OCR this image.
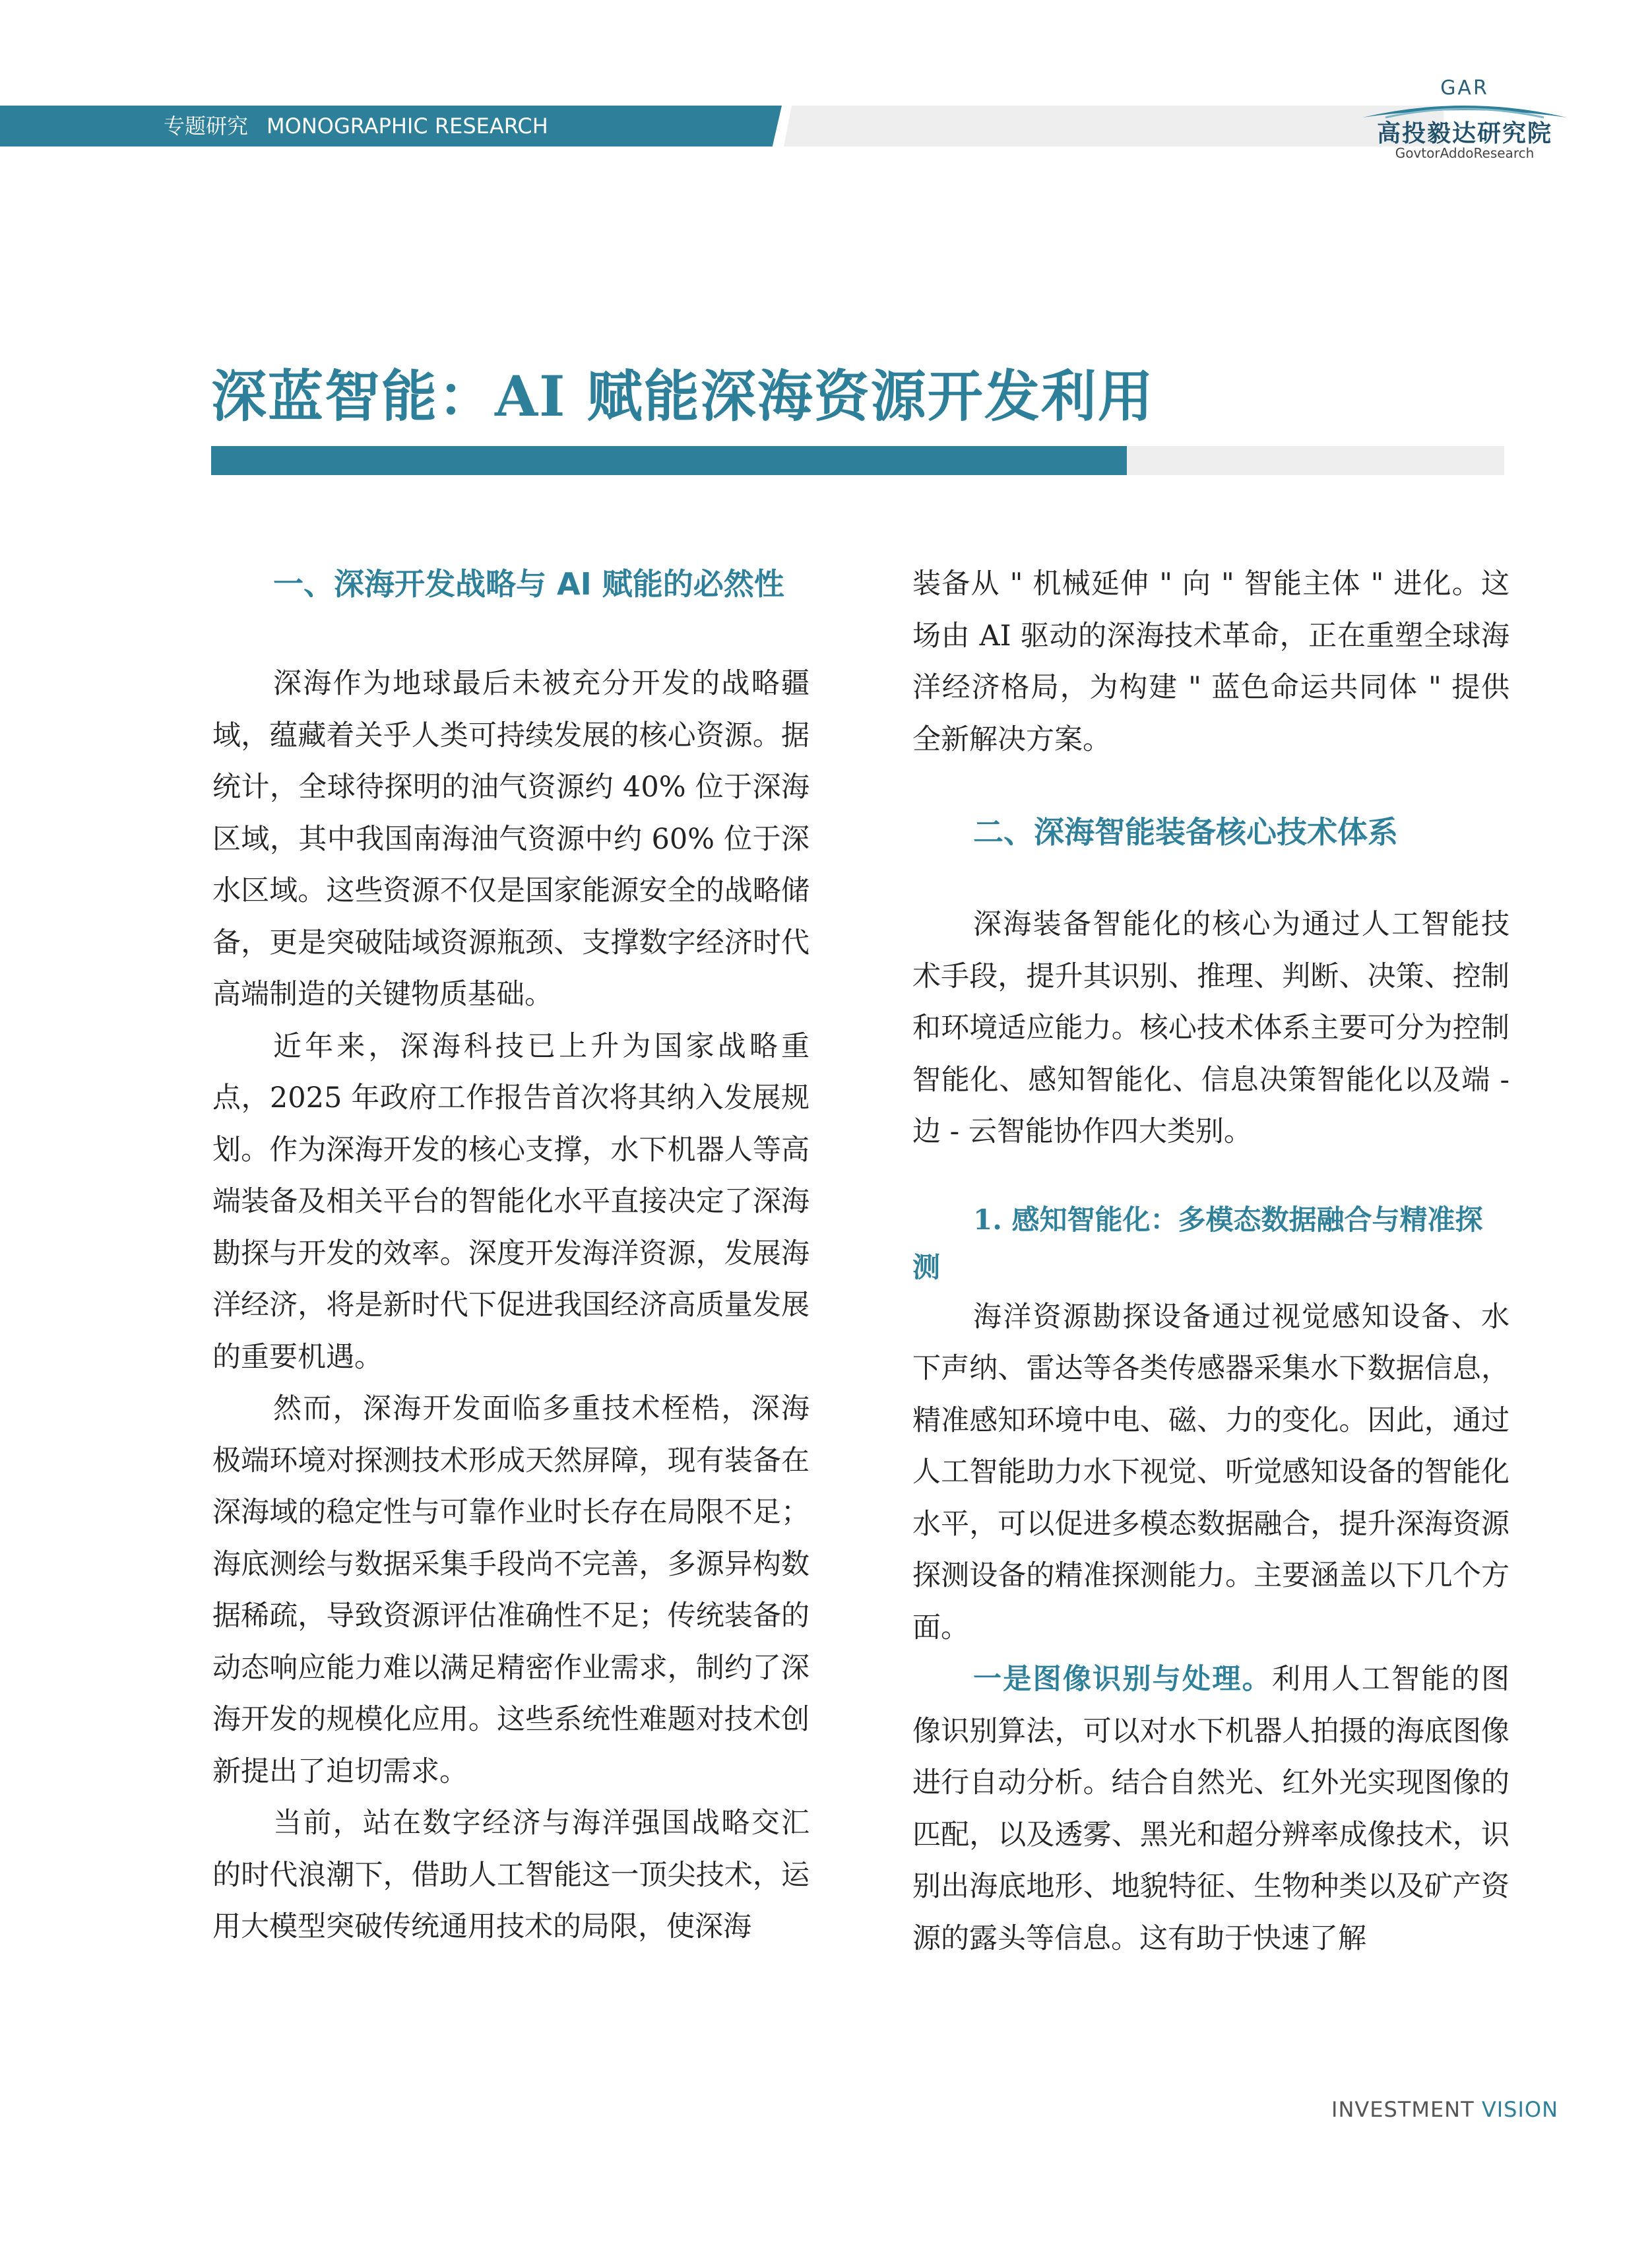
专题研究 MONOGRAPHIC RESEARCH
GAR
高投毅达研究院
GovtorAddoResearch
深蓝智能：AI 赋能深海资源开发利用
一、深海开发战略与 AI 赋能的必然性

深海作为地球最后未被充分开发的战略疆域，蕴藏着关乎人类可持续发展的核心资源。据统计，全球待探明的油气资源约 40% 位于深海区域，其中我国南海油气资源中约 60% 位于深水区域。这些资源不仅是国家能源安全的战略储备，更是突破陆域资源瓶颈、支撑数字经济时代高端制造的关键物质基础。

近年来，深海科技已上升为国家战略重点，2025 年政府工作报告首次将其纳入发展规划。作为深海开发的核心支撑，水下机器人等高端装备及相关平台的智能化水平直接决定了深海勘探与开发的效率。深度开发海洋资源，发展海洋经济，将是新时代下促进我国经济高质量发展的重要机遇。

然而，深海开发面临多重技术桎梏，深海极端环境对探测技术形成天然屏障，现有装备在深海域的稳定性与可靠作业时长存在局限不足；海底测绘与数据采集手段尚不完善，多源异构数据稀疏，导致资源评估准确性不足；传统装备的动态响应能力难以满足精密作业需求，制约了深海开发的规模化应用。这些系统性难题对技术创新提出了迫切需求。

当前，站在数字经济与海洋强国战略交汇的时代浪潮下，借助人工智能这一顶尖技术，运用大模型突破传统通用技术的局限，使深海

装备从 " 机械延伸 " 向 " 智能主体 " 进化。这场由 AI 驱动的深海技术革命，正在重塑全球海洋经济格局，为构建 " 蓝色命运共同体 " 提供全新解决方案。

二、深海智能装备核心技术体系

深海装备智能化的核心为通过人工智能技术手段，提升其识别、推理、判断、决策、控制和环境适应能力。核心技术体系主要可分为控制智能化、感知智能化、信息决策智能化以及端 - 边 - 云智能协作四大类别。

1. 感知智能化：多模态数据融合与精准探测

海洋资源勘探设备通过视觉感知设备、水下声纳、雷达等各类传感器采集水下数据信息，精准感知环境中电、磁、力的变化。因此，通过人工智能助力水下视觉、听觉感知设备的智能化水平，可以促进多模态数据融合，提升深海资源探测设备的精准探测能力。主要涵盖以下几个方面。

一是图像识别与处理。利用人工智能的图像识别算法，可以对水下机器人拍摄的海底图像进行自动分析。结合自然光、红外光实现图像的匹配，以及透雾、黑光和超分辨率成像技术，识别出海底地形、地貌特征、生物种类以及矿产资源的露头等信息。这有助于快速了解

INVESTMENT VISION
